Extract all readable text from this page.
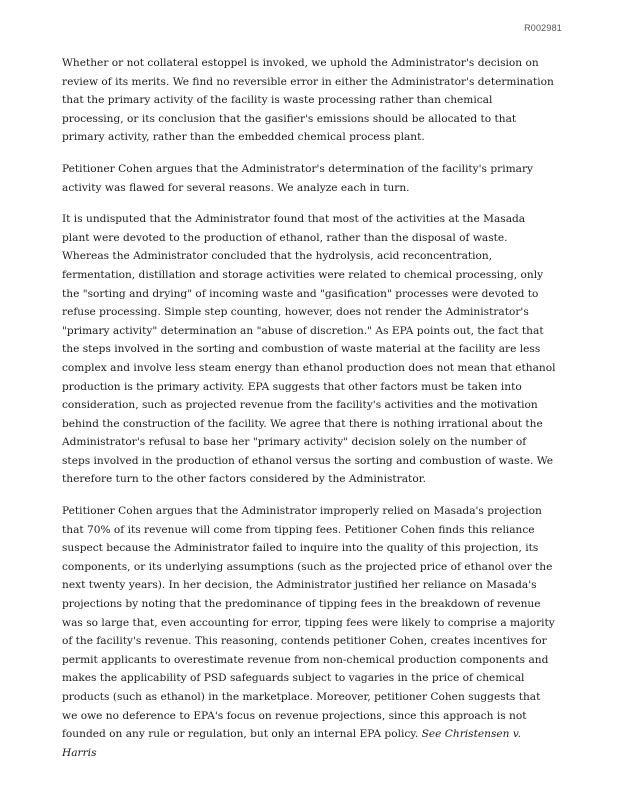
R002981

Whether or not collateral estoppel is invoked, we uphold the Administrator's decision on review of its merits. We find no reversible error in either the Administrator's determination that the primary activity of the facility is waste processing rather than chemical processing, or its conclusion that the gasifier's emissions should be allocated to that primary activity, rather than the embedded chemical process plant.

Petitioner Cohen argues that the Administrator's determination of the facility's primary activity was flawed for several reasons. We analyze each in turn.

It is undisputed that the Administrator found that most of the activities at the Masada plant were devoted to the production of ethanol, rather than the disposal of waste. Whereas the Administrator concluded that the hydrolysis, acid reconcentration, fermentation, distillation and storage activities were related to chemical processing, only the "sorting and drying" of incoming waste and "gasification" processes were devoted to refuse processing. Simple step counting, however, does not render the Administrator's "primary activity" determination an "abuse of discretion." As EPA points out, the fact that the steps involved in the sorting and combustion of waste material at the facility are less complex and involve less steam energy than ethanol production does not mean that ethanol production is the primary activity. EPA suggests that other factors must be taken into consideration, such as projected revenue from the facility's activities and the motivation behind the construction of the facility. We agree that there is nothing irrational about the Administrator's refusal to base her "primary activity" decision solely on the number of steps involved in the production of ethanol versus the sorting and combustion of waste. We therefore turn to the other factors considered by the Administrator.

Petitioner Cohen argues that the Administrator improperly relied on Masada's projection that 70% of its revenue will come from tipping fees. Petitioner Cohen finds this reliance suspect because the Administrator failed to inquire into the quality of this projection, its components, or its underlying assumptions (such as the projected price of ethanol over the next twenty years). In her decision, the Administrator justified her reliance on Masada's projections by noting that the predominance of tipping fees in the breakdown of revenue was so large that, even accounting for error, tipping fees were likely to comprise a majority of the facility's revenue. This reasoning, contends petitioner Cohen, creates incentives for permit applicants to overestimate revenue from non-chemical production components and makes the applicability of PSD safeguards subject to vagaries in the price of chemical products (such as ethanol) in the marketplace. Moreover, petitioner Cohen suggests that we owe no deference to EPA's focus on revenue projections, since this approach is not founded on any rule or regulation, but only an internal EPA policy. See Christensen v. Harris
